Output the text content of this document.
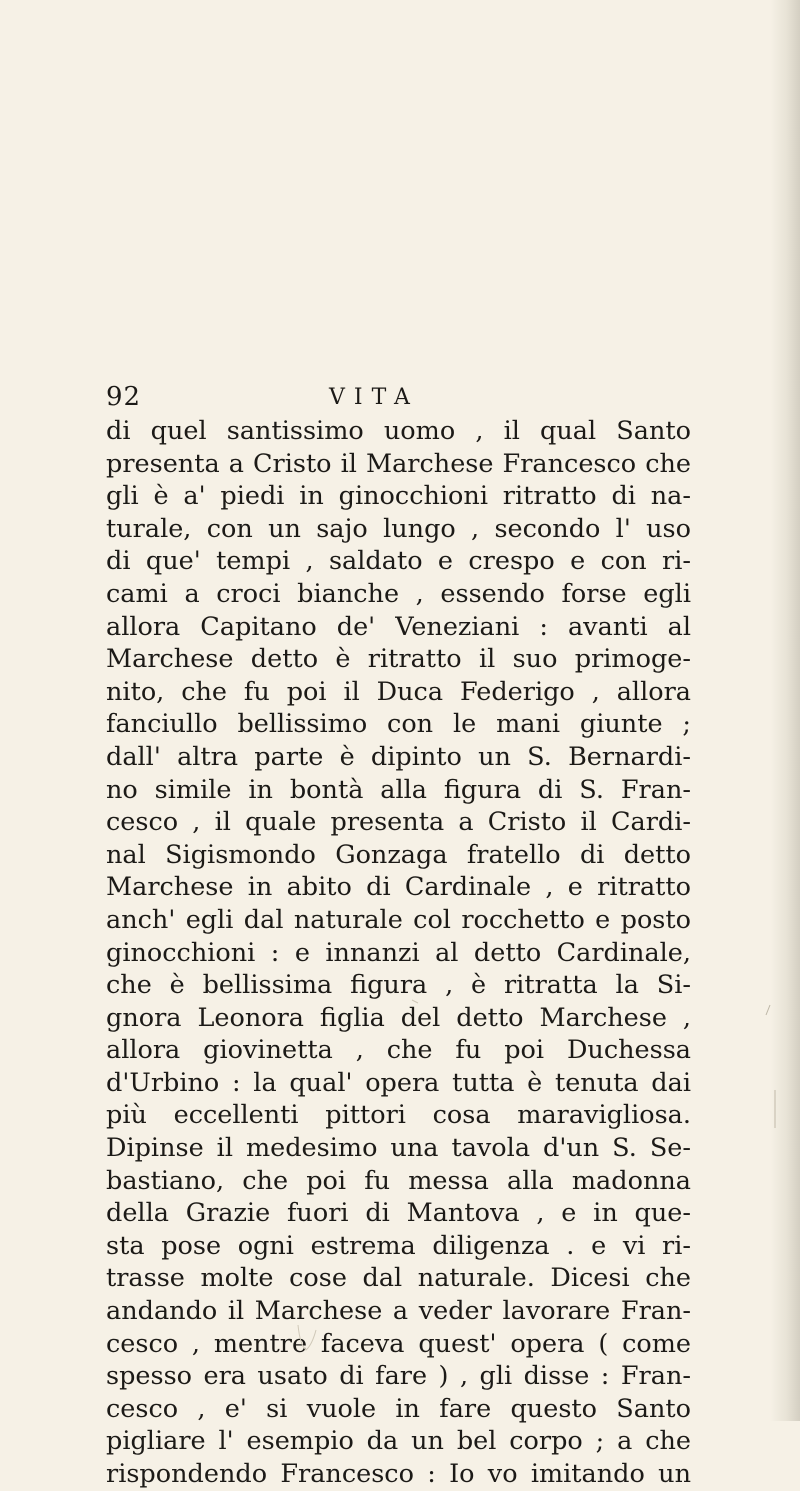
92	VITA
di quel santissimo uomo , il qual Santo
presenta a Cristo il Marchese Francesco che
gli è a' piedi in ginocchioni ritratto di na-
turale, con un sajo lungo , secondo l' uso
di que' tempi , saldato e crespo e con ri-
cami a croci bianche , essendo forse egli
allora Capitano de' Veneziani : avanti al
Marchese detto è ritratto il suo primoge-
nito, che fu poi il Duca Federigo , allora
fanciullo bellissimo con le mani giunte ;
dall' altra parte è dipinto un S. Bernardi-
no simile in bontà alla figura di S. Fran-
cesco , il quale presenta a Cristo il Cardi-
nal Sigismondo Gonzaga fratello di detto
Marchese in abito di Cardinale , e ritratto
anch' egli dal naturale col rocchetto e posto
ginocchioni : e innanzi al detto Cardinale,
che è bellissima figura , è ritratta la Si-
gnora Leonora figlia del detto Marchese ,
allora giovinetta , che fu poi Duchessa
d'Urbino : la qual' opera tutta è tenuta dai
più eccellenti pittori cosa maravigliosa.
Dipinse il medesimo una tavola d'un S. Se-
bastiano, che poi fu messa alla madonna
della Grazie fuori di Mantova , e in que-
sta pose ogni estrema diligenza . e vi ri-
trasse molte cose dal naturale. Dicesi che
andando il Marchese a veder lavorare Fran-
cesco , mentre faceva quest' opera ( come
spesso era usato di fare ) , gli disse : Fran-
cesco , e' si vuole in fare questo Santo
pigliare l' esempio da un bel corpo ; a che
rispondendo Francesco : Io vo imitando un
